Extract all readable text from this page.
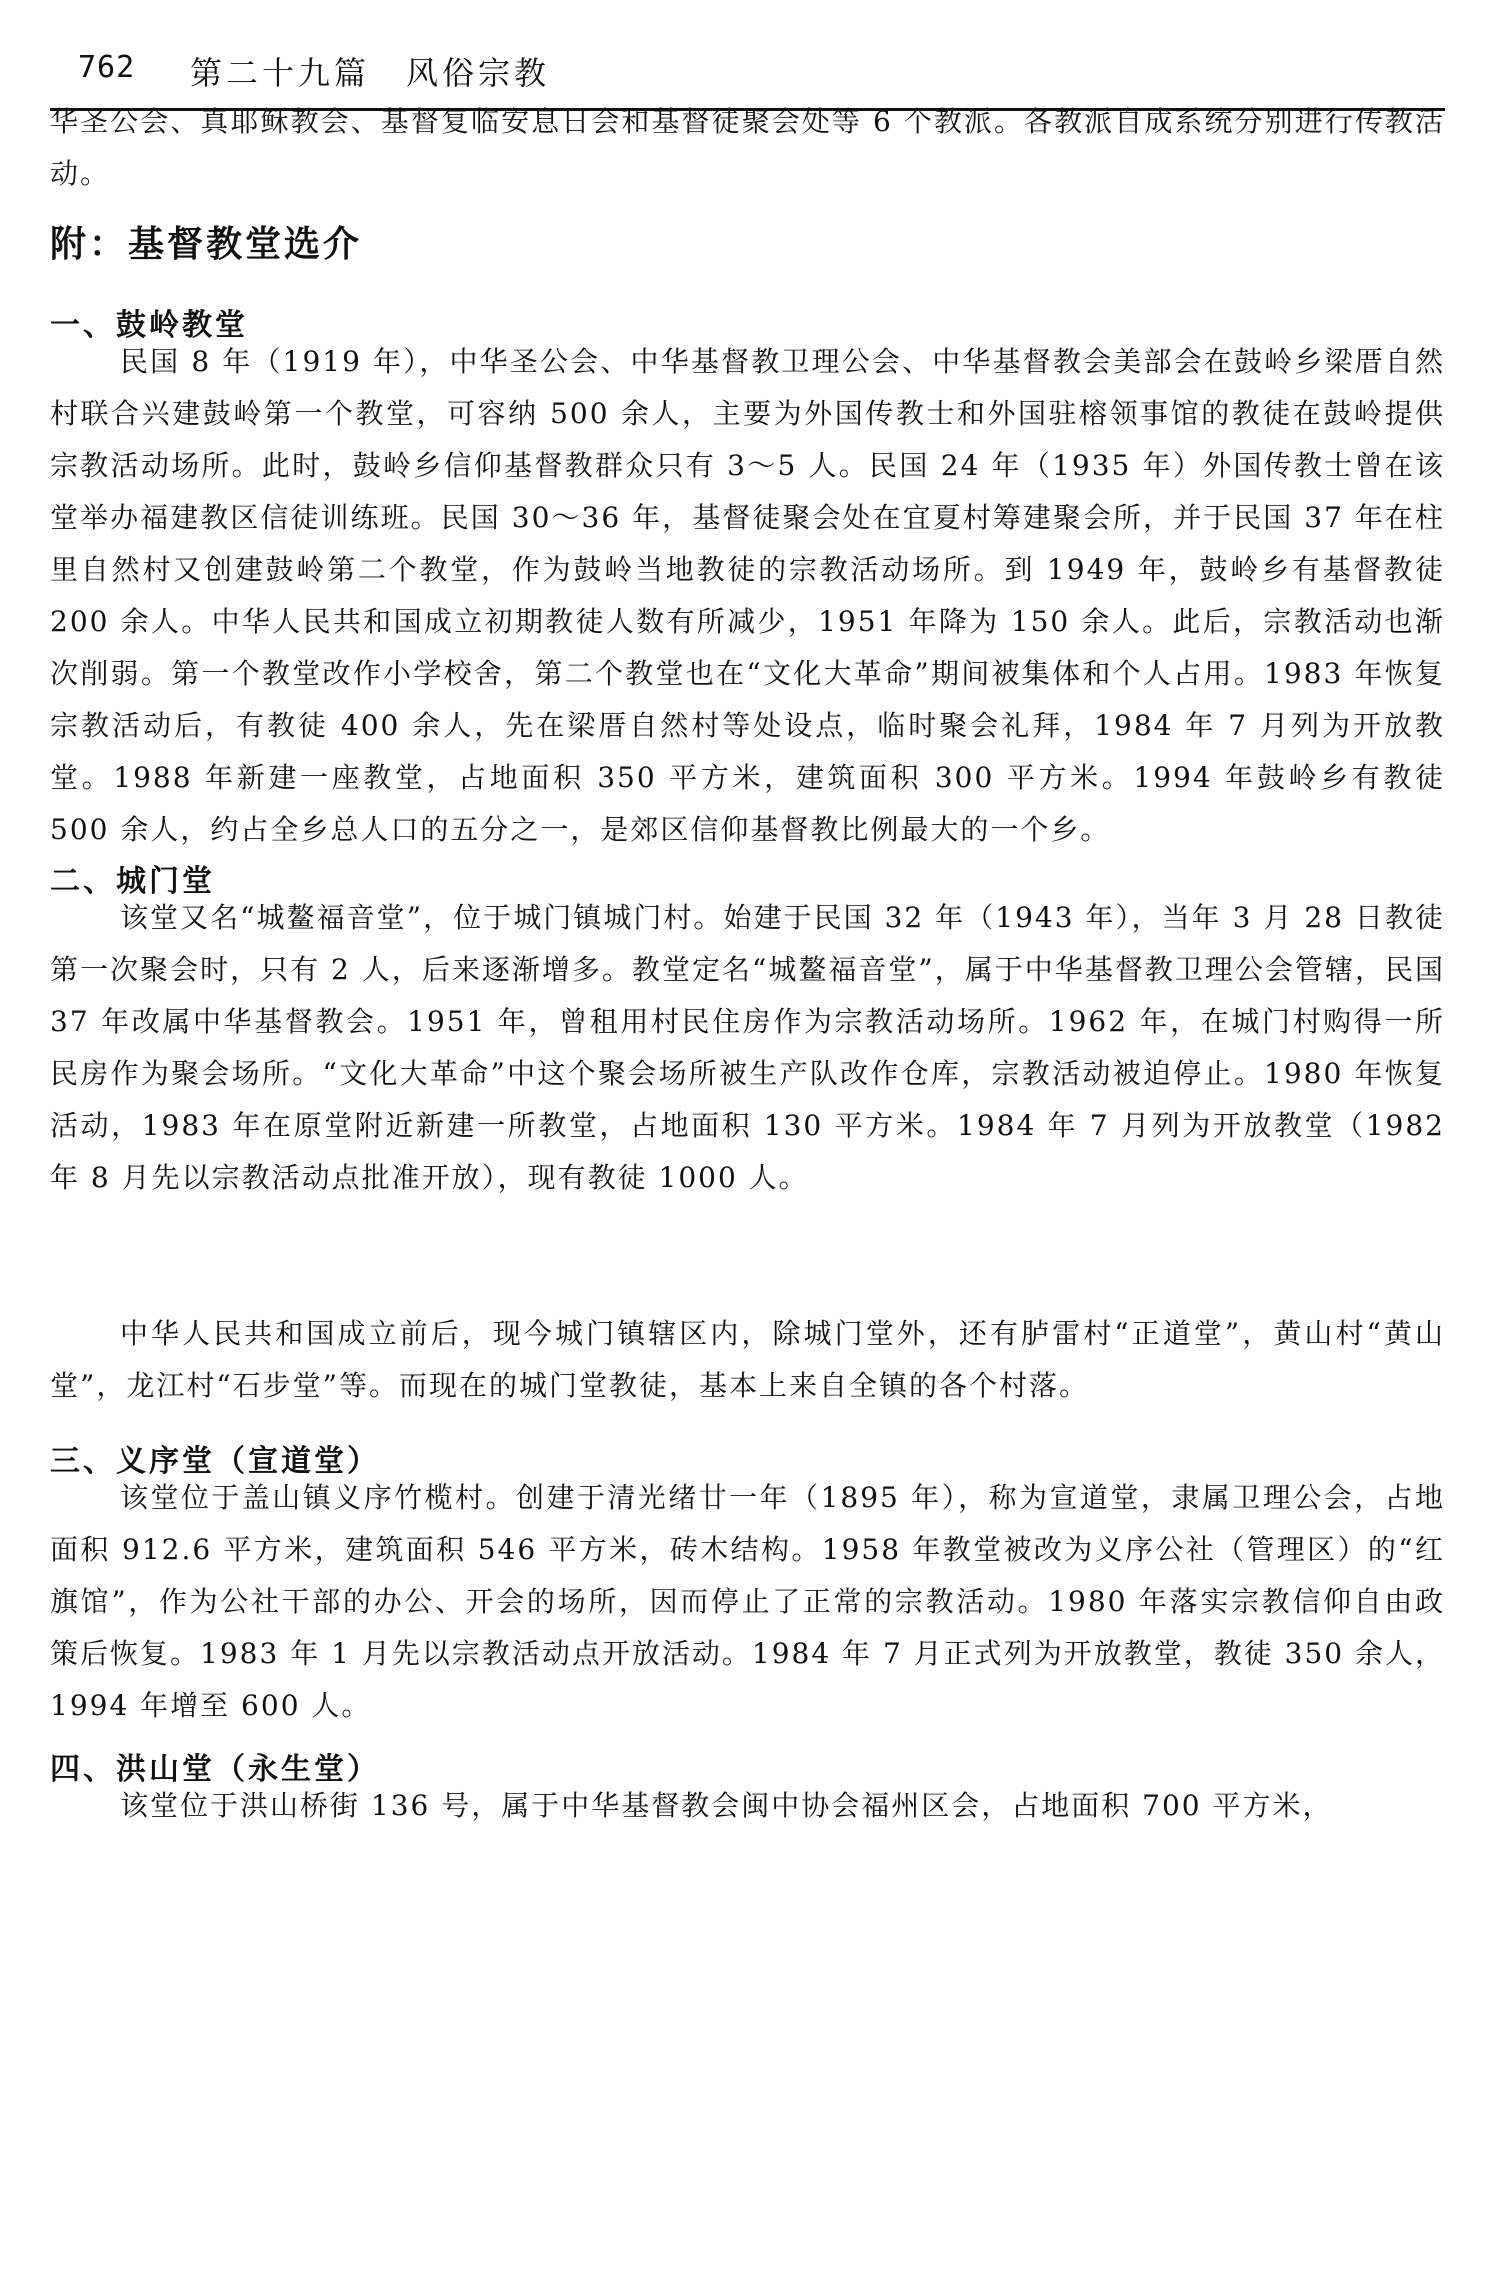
762 第二十九篇　风俗宗教

华圣公会、真耶稣教会、基督复临安息日会和基督徒聚会处等 6 个教派。各教派自成系统分别进行传教活动。

附：基督教堂选介
一、鼓岭教堂

民国 8 年（1919 年），中华圣公会、中华基督教卫理公会、中华基督教会美部会在鼓岭乡梁厝自然村联合兴建鼓岭第一个教堂，可容纳 500 余人，主要为外国传教士和外国驻榕领事馆的教徒在鼓岭提供宗教活动场所。此时，鼓岭乡信仰基督教群众只有 3～5 人。民国 24 年（1935 年）外国传教士曾在该堂举办福建教区信徒训练班。民国 30～36 年，基督徒聚会处在宜夏村筹建聚会所，并于民国 37 年在柱里自然村又创建鼓岭第二个教堂，作为鼓岭当地教徒的宗教活动场所。到 1949 年，鼓岭乡有基督教徒 200 余人。中华人民共和国成立初期教徒人数有所减少，1951 年降为 150 余人。此后，宗教活动也渐次削弱。第一个教堂改作小学校舍，第二个教堂也在“文化大革命”期间被集体和个人占用。1983 年恢复宗教活动后，有教徒 400 余人，先在梁厝自然村等处设点，临时聚会礼拜，1984 年 7 月列为开放教堂。1988 年新建一座教堂，占地面积 350 平方米，建筑面积 300 平方米。1994 年鼓岭乡有教徒 500 余人，约占全乡总人口的五分之一，是郊区信仰基督教比例最大的一个乡。

二、城门堂

该堂又名“城鳌福音堂”，位于城门镇城门村。始建于民国 32 年（1943 年），当年 3 月 28 日教徒第一次聚会时，只有 2 人，后来逐渐增多。教堂定名“城鳌福音堂”，属于中华基督教卫理公会管辖，民国 37 年改属中华基督教会。1951 年，曾租用村民住房作为宗教活动场所。1962 年，在城门村购得一所民房作为聚会场所。“文化大革命”中这个聚会场所被生产队改作仓库，宗教活动被迫停止。1980 年恢复活动，1983 年在原堂附近新建一所教堂，占地面积 130 平方米。1984 年 7 月列为开放教堂（1982 年 8 月先以宗教活动点批准开放），现有教徒 1000 人。

中华人民共和国成立前后，现今城门镇辖区内，除城门堂外，还有胪雷村“正道堂”，黄山村“黄山堂”，龙江村“石步堂”等。而现在的城门堂教徒，基本上来自全镇的各个村落。

三、义序堂（宣道堂）

该堂位于盖山镇义序竹榄村。创建于清光绪廿一年（1895 年），称为宣道堂，隶属卫理公会，占地面积 912.6 平方米，建筑面积 546 平方米，砖木结构。1958 年教堂被改为义序公社（管理区）的“红旗馆”，作为公社干部的办公、开会的场所，因而停止了正常的宗教活动。1980 年落实宗教信仰自由政策后恢复。1983 年 1 月先以宗教活动点开放活动。1984 年 7 月正式列为开放教堂，教徒 350 余人，1994 年增至 600 人。

四、洪山堂（永生堂）

该堂位于洪山桥街 136 号，属于中华基督教会闽中协会福州区会，占地面积 700 平方米，
